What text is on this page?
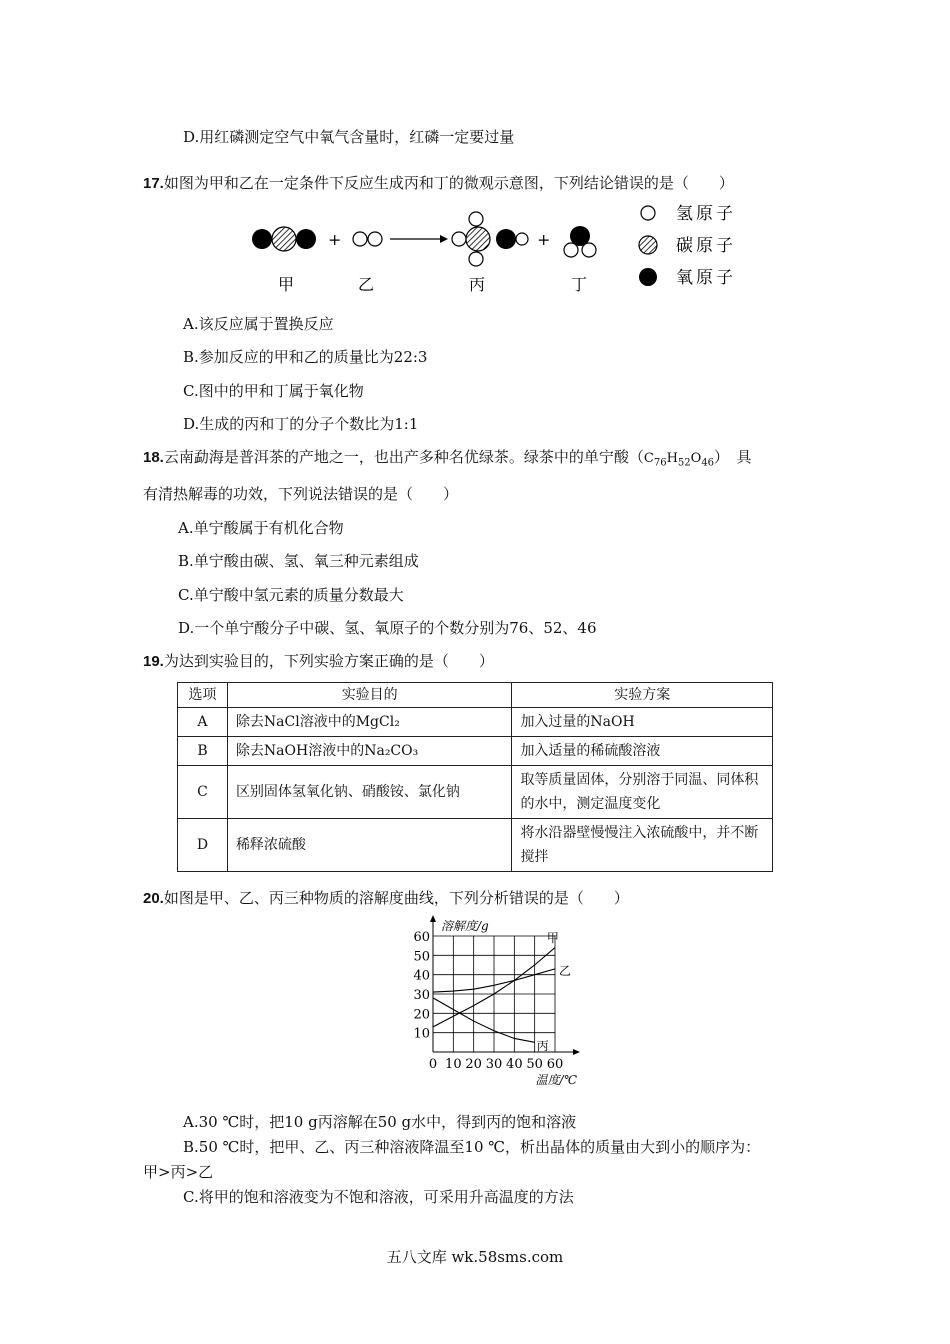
D.用红磷测定空气中氧气含量时，红磷一定要过量
17.如图为甲和乙在一定条件下反应生成丙和丁的微观示意图，下列结论错误的是（　　）
+	+
甲	乙	丙	丁
氢原子
碳原子
氧原子
A.该反应属于置换反应
B.参加反应的甲和乙的质量比为22:3
C.图中的甲和丁属于氧化物
D.生成的丙和丁的分子个数比为1:1
18.云南勐海是普洱茶的产地之一，也出产多种名优绿茶。绿茶中的单宁酸$(C_{76}H_{52}O_{46})$　具
有清热解毒的功效，下列说法错误的是（　　）
A.单宁酸属于有机化合物
B.单宁酸由碳、氢、氧三种元素组成
C.单宁酸中氢元素的质量分数最大
D.一个单宁酸分子中碳、氢、氧原子的个数分别为76、52、46
19.为达到实验目的，下列实验方案正确的是（　　）
选项	实验目的	实验方案
A	除去NaCl溶液中的MgCl₂	加入过量的NaOH
B	除去NaOH溶液中的Na₂CO₃	加入适量的稀硫酸溶液
C	区别固体氢氧化钠、硝酸铵、氯化钠	取等质量固体，分别溶于同温、同体积的水中，测定温度变化
D	稀释浓硫酸	将水沿器壁慢慢注入浓硫酸中，并不断搅拌
20.如图是甲、乙、丙三种物质的溶解度曲线，下列分析错误的是（　　）
10
20
30
40
50
60
0 10 20 30 40 50 60
溶解度/g
温度/℃
甲
乙
丙
A.30 ℃时，把10 g丙溶解在50 g水中，得到丙的饱和溶液
B.50 ℃时，把甲、乙、丙三种溶液降温至10 ℃，析出晶体的质量由大到小的顺序为：
甲>丙>乙
C.将甲的饱和溶液变为不饱和溶液，可采用升高温度的方法
五八文库 wk.58sms.com
